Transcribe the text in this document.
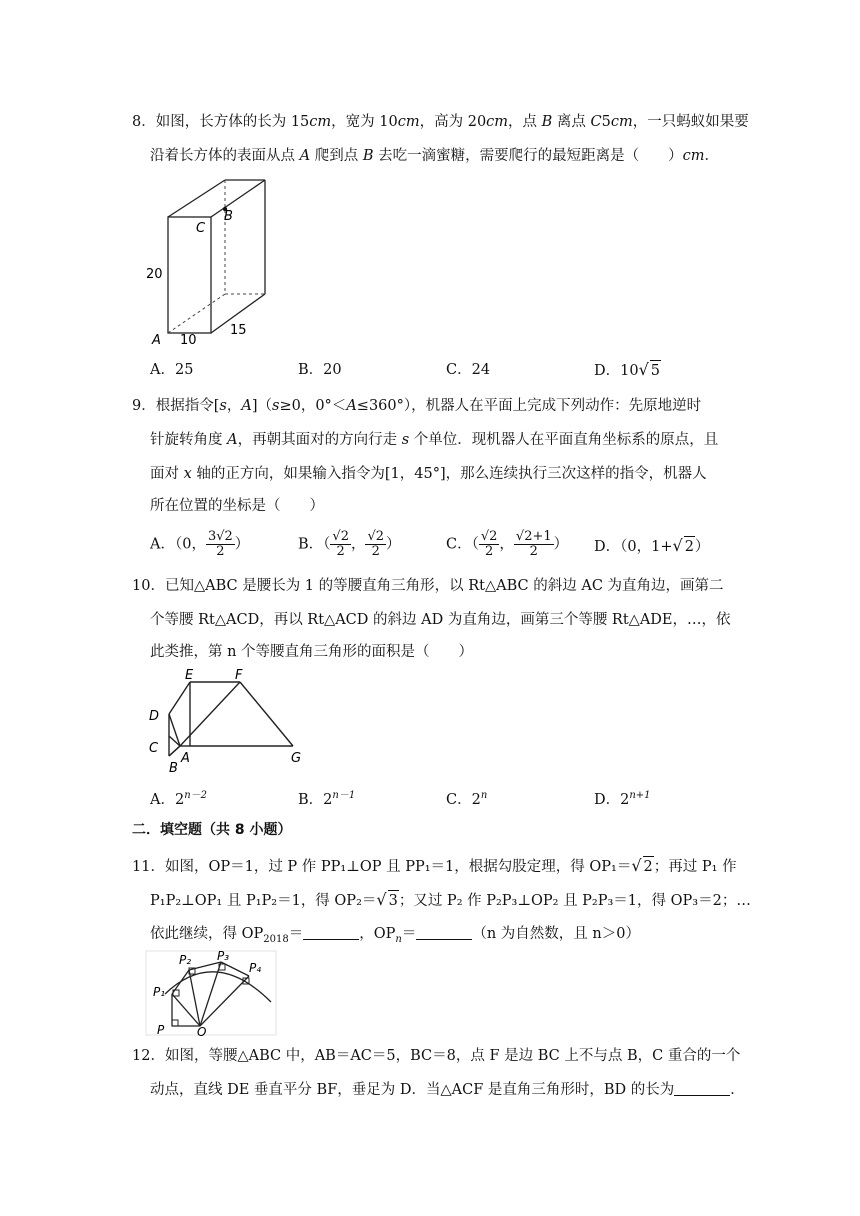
8．如图，长方体的长为 15cm，宽为 10cm，高为 20cm，点 B 离点 C5cm，一只蚂蚁如果要
沿着长方体的表面从点 A 爬到点 B 去吃一滴蜜糖，需要爬行的最短距离是（　　）cm．
C
B
20
A 10
15
A．25	B．20	C．24	D．10√ 5
9．根据指令[s，A]（s≥0，0°＜A≤360°），机器人在平面上完成下列动作：先原地逆时
针旋转角度 A，再朝其面对的方向行走 s 个单位．现机器人在平面直角坐标系的原点，且
面对 x 轴的正方向，如果输入指令为[1，45°]，那么连续执行三次这样的指令，机器人
所在位置的坐标是（　　）
A．（0， $\frac{3√2}{2}$ ）	B．（ $\frac{√2}{2}$ ， $\frac{√2}{2}$ ）	C．（ $\frac{√2}{2}$ ， $\frac{√2+1}{2}$ ） D．（0，1+√ 2）
10．已知△ABC 是腰长为 1 的等腰直角三角形，以 Rt△ABC 的斜边 AC 为直角边，画第二
个等腰 Rt△ACD，再以 Rt△ACD 的斜边 AD 为直角边，画第三个等腰 Rt△ADE，…，依
此类推，第 n 个等腰直角三角形的面积是（　　）
E	F
D
C
A
B
G
A．$2^{n-2}$	B．$2^{n-1}$	C．2$^n$	D．$2^{n+1}$
二．填空题（共 8 小题）
11．如图，OP＝1，过 P 作 PP₁⊥OP 且 PP₁＝1，根据勾股定理，得 OP₁＝√ 2；再过 P₁ 作
P₁P₂⊥OP₁ 且 P₁P₂＝1，得 OP₂＝√ 3；又过 P₂ 作 P₂P₃⊥OP₂ 且 P₂P₃＝1，得 OP₃＝2；…
依此继续，得 $OP_{2018}=$	，$OP_n=$	（n 为自然数，且 n＞0）
P
P₁
P₂ P₃
P₄
O
12．如图，等腰△ABC 中，AB＝AC＝5，BC＝8，点 F 是边 BC 上不与点 B，C 重合的一个
动点，直线 DE 垂直平分 BF，垂足为 D．当△ACF 是直角三角形时，BD 的长为	．
